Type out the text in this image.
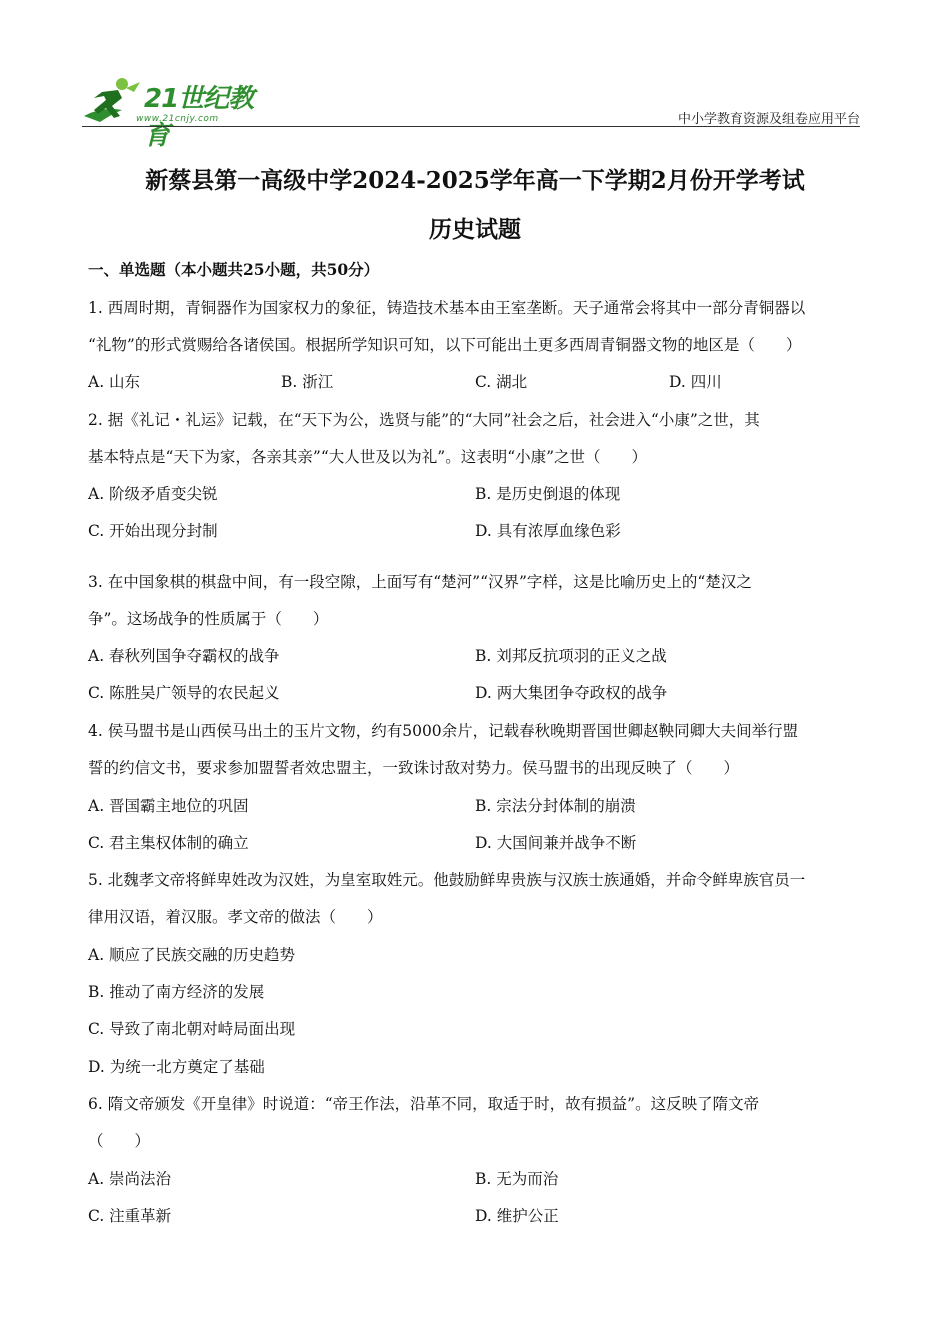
21世纪教育
www.21cnjy.com	中小学教育资源及组卷应用平台
新蔡县第一高级中学2024-2025学年高一下学期2月份开学考试
历史试题
一、单选题（本小题共25小题，共50分）
1. 西周时期，青铜器作为国家权力的象征，铸造技术基本由王室垄断。天子通常会将其中一部分青铜器以
“礼物”的形式赏赐给各诸侯国。根据所学知识可知，以下可能出土更多西周青铜器文物的地区是（　　）
A. 山东	B. 浙江	C. 湖北	D. 四川
2. 据《礼记・礼运》记载，在“天下为公，选贤与能”的“大同”社会之后，社会进入“小康”之世，其
基本特点是“天下为家，各亲其亲”“大人世及以为礼”。这表明“小康”之世（　　）
A. 阶级矛盾变尖锐	B. 是历史倒退的体现
C. 开始出现分封制	D. 具有浓厚血缘色彩
3. 在中国象棋的棋盘中间，有一段空隙，上面写有“楚河”“汉界”字样，这是比喻历史上的“楚汉之
争”。这场战争的性质属于（　　）
A. 春秋列国争夺霸权的战争	B. 刘邦反抗项羽的正义之战
C. 陈胜吴广领导的农民起义	D. 两大集团争夺政权的战争
4. 侯马盟书是山西侯马出土的玉片文物，约有5000余片，记载春秋晚期晋国世卿赵鞅同卿大夫间举行盟
誓的约信文书，要求参加盟誓者效忠盟主，一致诛讨敌对势力。侯马盟书的出现反映了（　　）
A. 晋国霸主地位的巩固	B. 宗法分封体制的崩溃
C. 君主集权体制的确立	D. 大国间兼并战争不断
5. 北魏孝文帝将鲜卑姓改为汉姓，为皇室取姓元。他鼓励鲜卑贵族与汉族士族通婚，并命令鲜卑族官员一
律用汉语，着汉服。孝文帝的做法（　　）
A. 顺应了民族交融的历史趋势
B. 推动了南方经济的发展
C. 导致了南北朝对峙局面出现
D. 为统一北方奠定了基础
6. 隋文帝颁发《开皇律》时说道：“帝王作法，沿革不同，取适于时，故有损益”。这反映了隋文帝
（　　）
A. 崇尚法治	B. 无为而治
C. 注重革新	D. 维护公正
